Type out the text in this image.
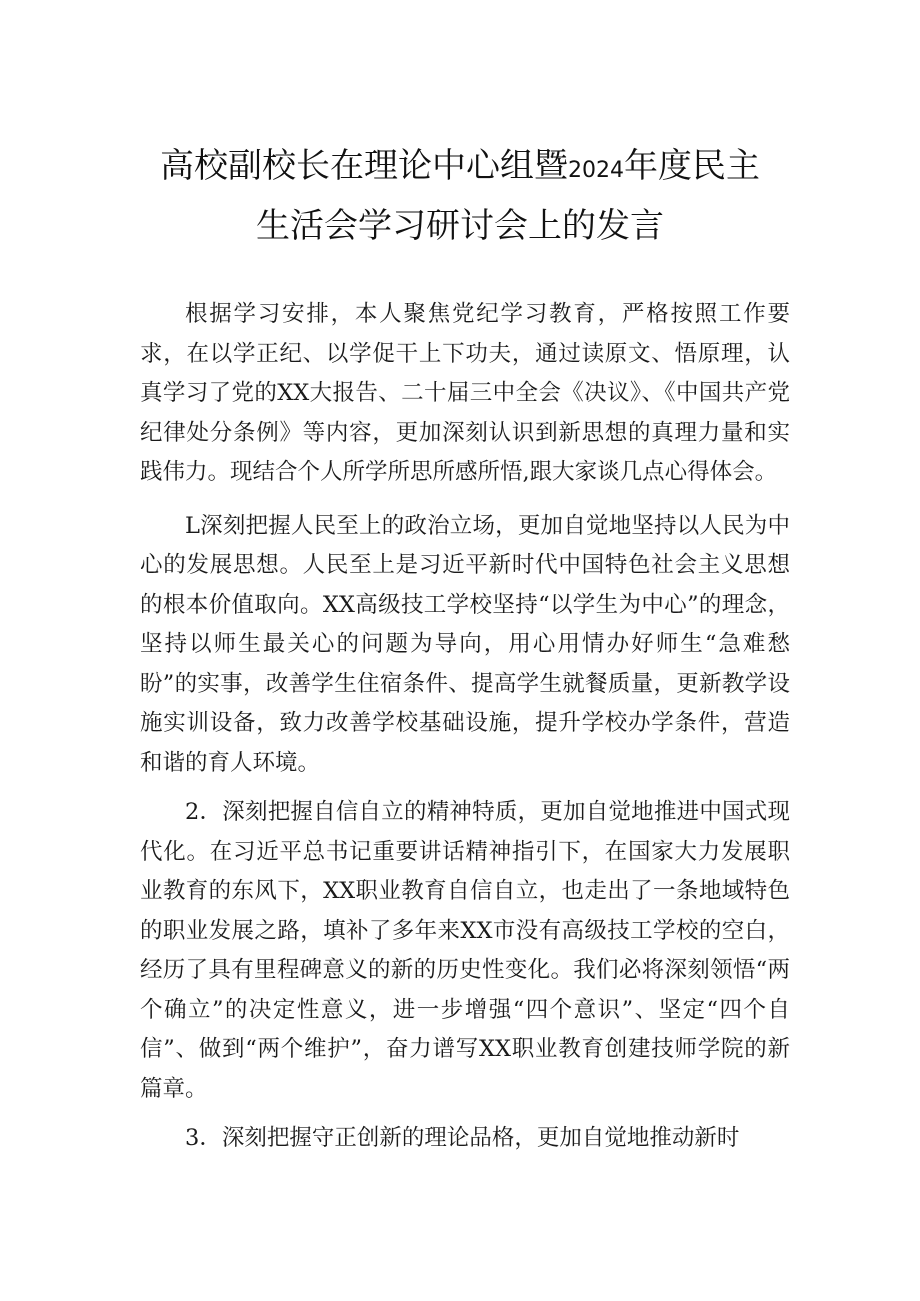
高校副校长在理论中心组暨2024年度民主
生活会学习研讨会上的发言

根据学习安排，本人聚焦党纪学习教育，严格按照工作要求，在以学正纪、以学促干上下功夫，通过读原文、悟原理，认真学习了党的XX大报告、二十届三中全会《决议》、《中国共产党纪律处分条例》等内容，更加深刻认识到新思想的真理力量和实践伟力。现结合个人所学所思所感所悟,跟大家谈几点心得体会。

L深刻把握人民至上的政治立场，更加自觉地坚持以人民为中心的发展思想。人民至上是习近平新时代中国特色社会主义思想的根本价值取向。XX高级技工学校坚持“以学生为中心”的理念，坚持以师生最关心的问题为导向，用心用情办好师生“急难愁盼”的实事，改善学生住宿条件、提高学生就餐质量，更新教学设施实训设备，致力改善学校基础设施，提升学校办学条件，营造和谐的育人环境。

2．深刻把握自信自立的精神特质，更加自觉地推进中国式现代化。在习近平总书记重要讲话精神指引下，在国家大力发展职业教育的东风下，XX职业教育自信自立，也走出了一条地域特色的职业发展之路，填补了多年来XX市没有高级技工学校的空白，经历了具有里程碑意义的新的历史性变化。我们必将深刻领悟“两个确立”的决定性意义，进一步增强“四个意识”、坚定“四个自信”、做到“两个维护”，奋力谱写XX职业教育创建技师学院的新篇章。

3．深刻把握守正创新的理论品格，更加自觉地推动新时
